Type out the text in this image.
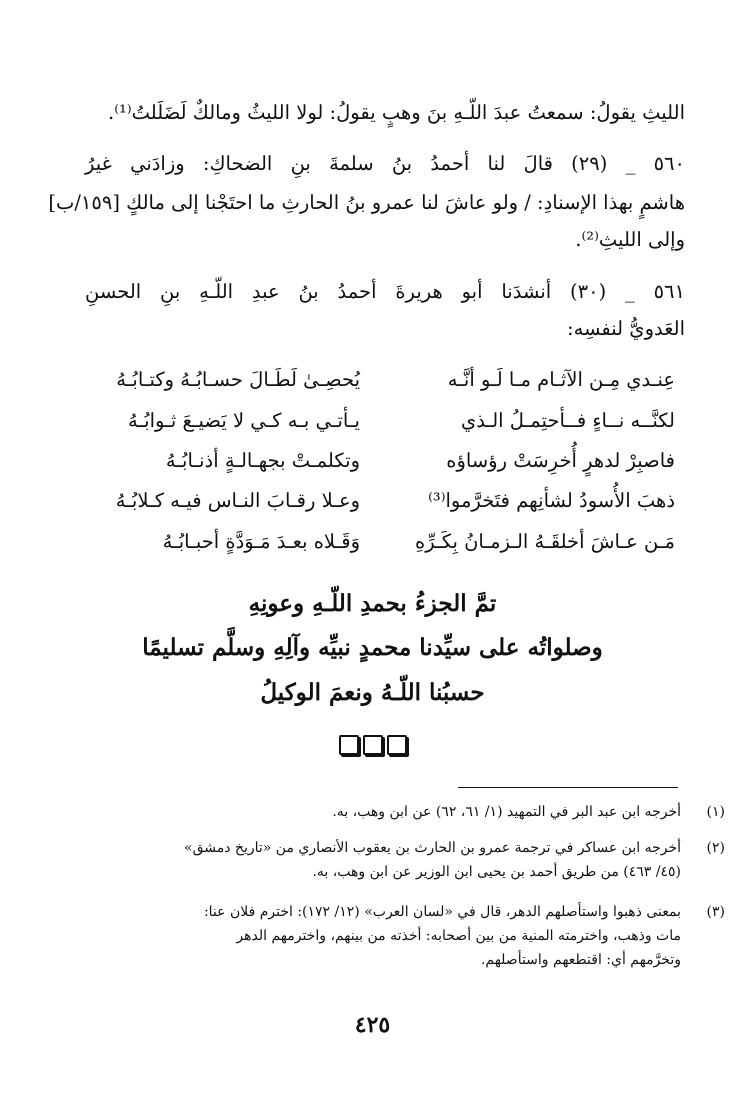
الليثِ يقولُ: سمعتُ عبدَ اللّـهِ بنَ وهبٍ يقولُ: لولا الليثُ ومالكٌ لَضَلَلتُ⁽¹⁾.
٥٦٠ _ (٢٩) قالَ لنا أحمدُ بنُ سلمةَ بنِ الضحاكِ: وزادَني غيرُ
هاشمٍ بهذا الإسنادِ: / ولو عاشَ لنا عمرو بنُ الحارثِ ما احتَجْنا إلى مالكٍ [١٥٩/ب]
وإلى الليثِ⁽²⁾.
٥٦١ _ (٣٠) أنشدَنا أبو هريرةَ أحمدُ بنُ عبدِ اللّـهِ بنِ الحسنِ
العَدويُّ لنفسِه:
عِنـدي مِـن الآثـام مـا لَـو أنَّـه
يُحصِـىٰ لَطَـالَ حسـابُـهُ وكتـابُـهُ
لكنَّــه نــاءٍ فــأحتِمـلُ الـذي
يـأتـي بـه كـي لا يَضيـعَ ثـوابُـهُ
فاصبِرْ لدهرٍ أُخرِسَتْ رؤساؤه
وتكلمـتْ بجهـالـةٍ أذنـابُـهُ
ذهبَ الأُسودُ لشأنِهم فتَخرَّموا⁽³⁾
وعـلا رقـابَ النـاس فيـه كـلابُـهُ
مَـن عـاشَ أخلقَـهُ الـزمـانُ بِكَـرِّهِ
وَقَـلاه بعـدَ مَـوَدَّةٍ أحبـابُـهُ
تمَّ الجزءُ بحمدِ اللّـهِ وعونِهِ
وصلواتُه على سيِّدنا محمدٍ نبيِّه وآلِهِ وسلَّم تسليمًا
حسبُنا اللّـهُ ونعمَ الوكيلُ

(١)
أخرجه ابن عبد البر في التمهيد (١/ ٦١، ٦٢) عن ابن وهب، به.
(٢)
أخرجه ابن عساكر في ترجمة عمرو بن الحارث بن يعقوب الأنصاري من «تاريخ دمشق»
(٤٥/ ٤٦٣) من طريق أحمد بن يحيى ابن الوزير عن ابن وهب، به.
(٣)
بمعنى ذهبوا واستأصلهم الدهر، قال في «لسان العرب» (١٢/ ١٧٢): اخترم فلان عنا:
مات وذهب، واخترمته المنية من بين أصحابه: أخذته من بينهم، واخترمهم الدهر
وتخرَّمهم أي: اقتطعهم واستأصلهم.
٤٢٥
